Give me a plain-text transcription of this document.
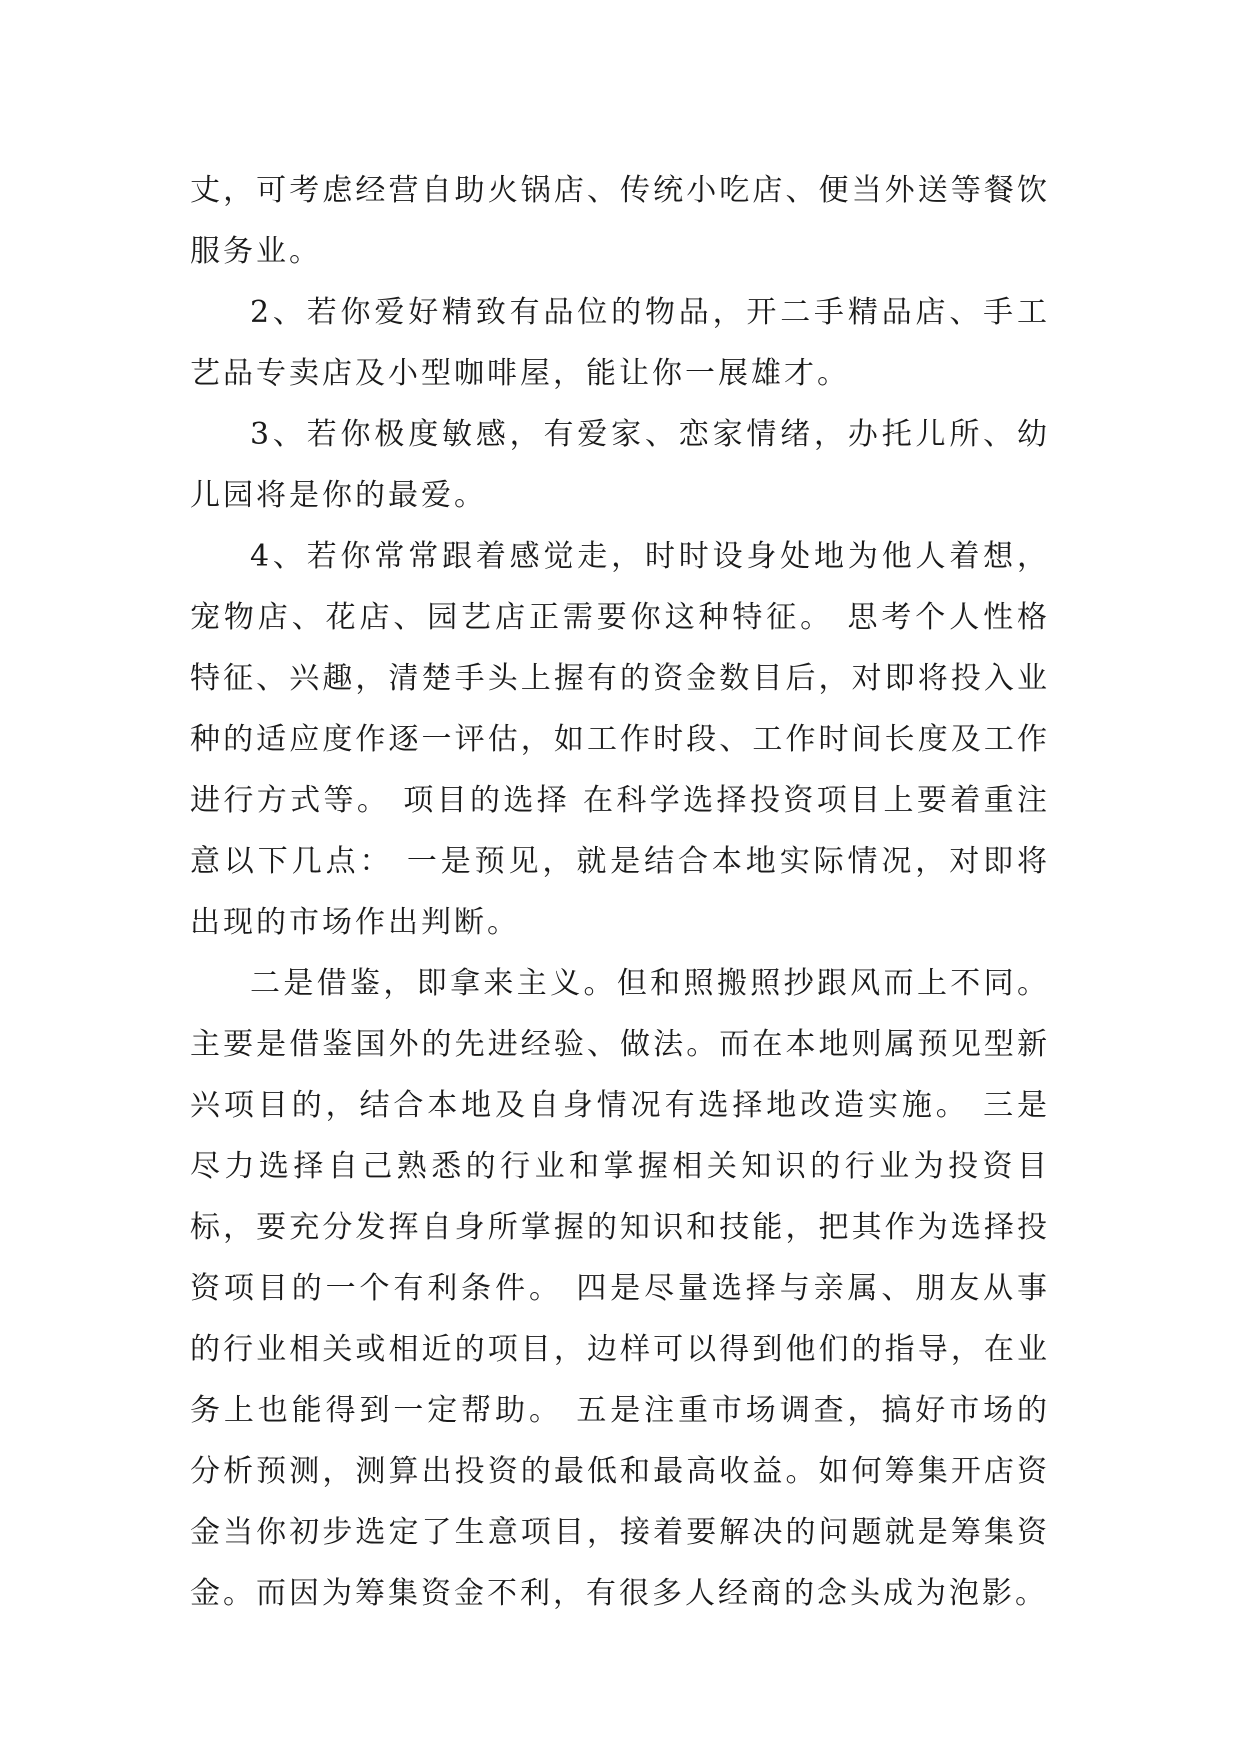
丈，可考虑经营自助火锅店、传统小吃店、便当外送等餐饮服务业。

2、若你爱好精致有品位的物品，开二手精品店、手工艺品专卖店及小型咖啡屋，能让你一展雄才。

3、若你极度敏感，有爱家、恋家情绪，办托儿所、幼儿园将是你的最爱。

4、若你常常跟着感觉走，时时设身处地为他人着想，宠物店、花店、园艺店正需要你这种特征。 思考个人性格特征、兴趣，清楚手头上握有的资金数目后，对即将投入业种的适应度作逐一评估，如工作时段、工作时间长度及工作进行方式等。 项目的选择 在科学选择投资项目上要着重注意以下几点： 一是预见，就是结合本地实际情况，对即将出现的市场作出判断。

二是借鉴，即拿来主义。但和照搬照抄跟风而上不同。主要是借鉴国外的先进经验、做法。而在本地则属预见型新兴项目的，结合本地及自身情况有选择地改造实施。 三是尽力选择自己熟悉的行业和掌握相关知识的行业为投资目标，要充分发挥自身所掌握的知识和技能，把其作为选择投资项目的一个有利条件。 四是尽量选择与亲属、朋友从事的行业相关或相近的项目，边样可以得到他们的指导，在业务上也能得到一定帮助。 五是注重市场调查，搞好市场的分析预测，测算出投资的最低和最高收益。如何筹集开店资金当你初步选定了生意项目，接着要解决的问题就是筹集资金。而因为筹集资金不利，有很多人经商的念头成为泡影。
